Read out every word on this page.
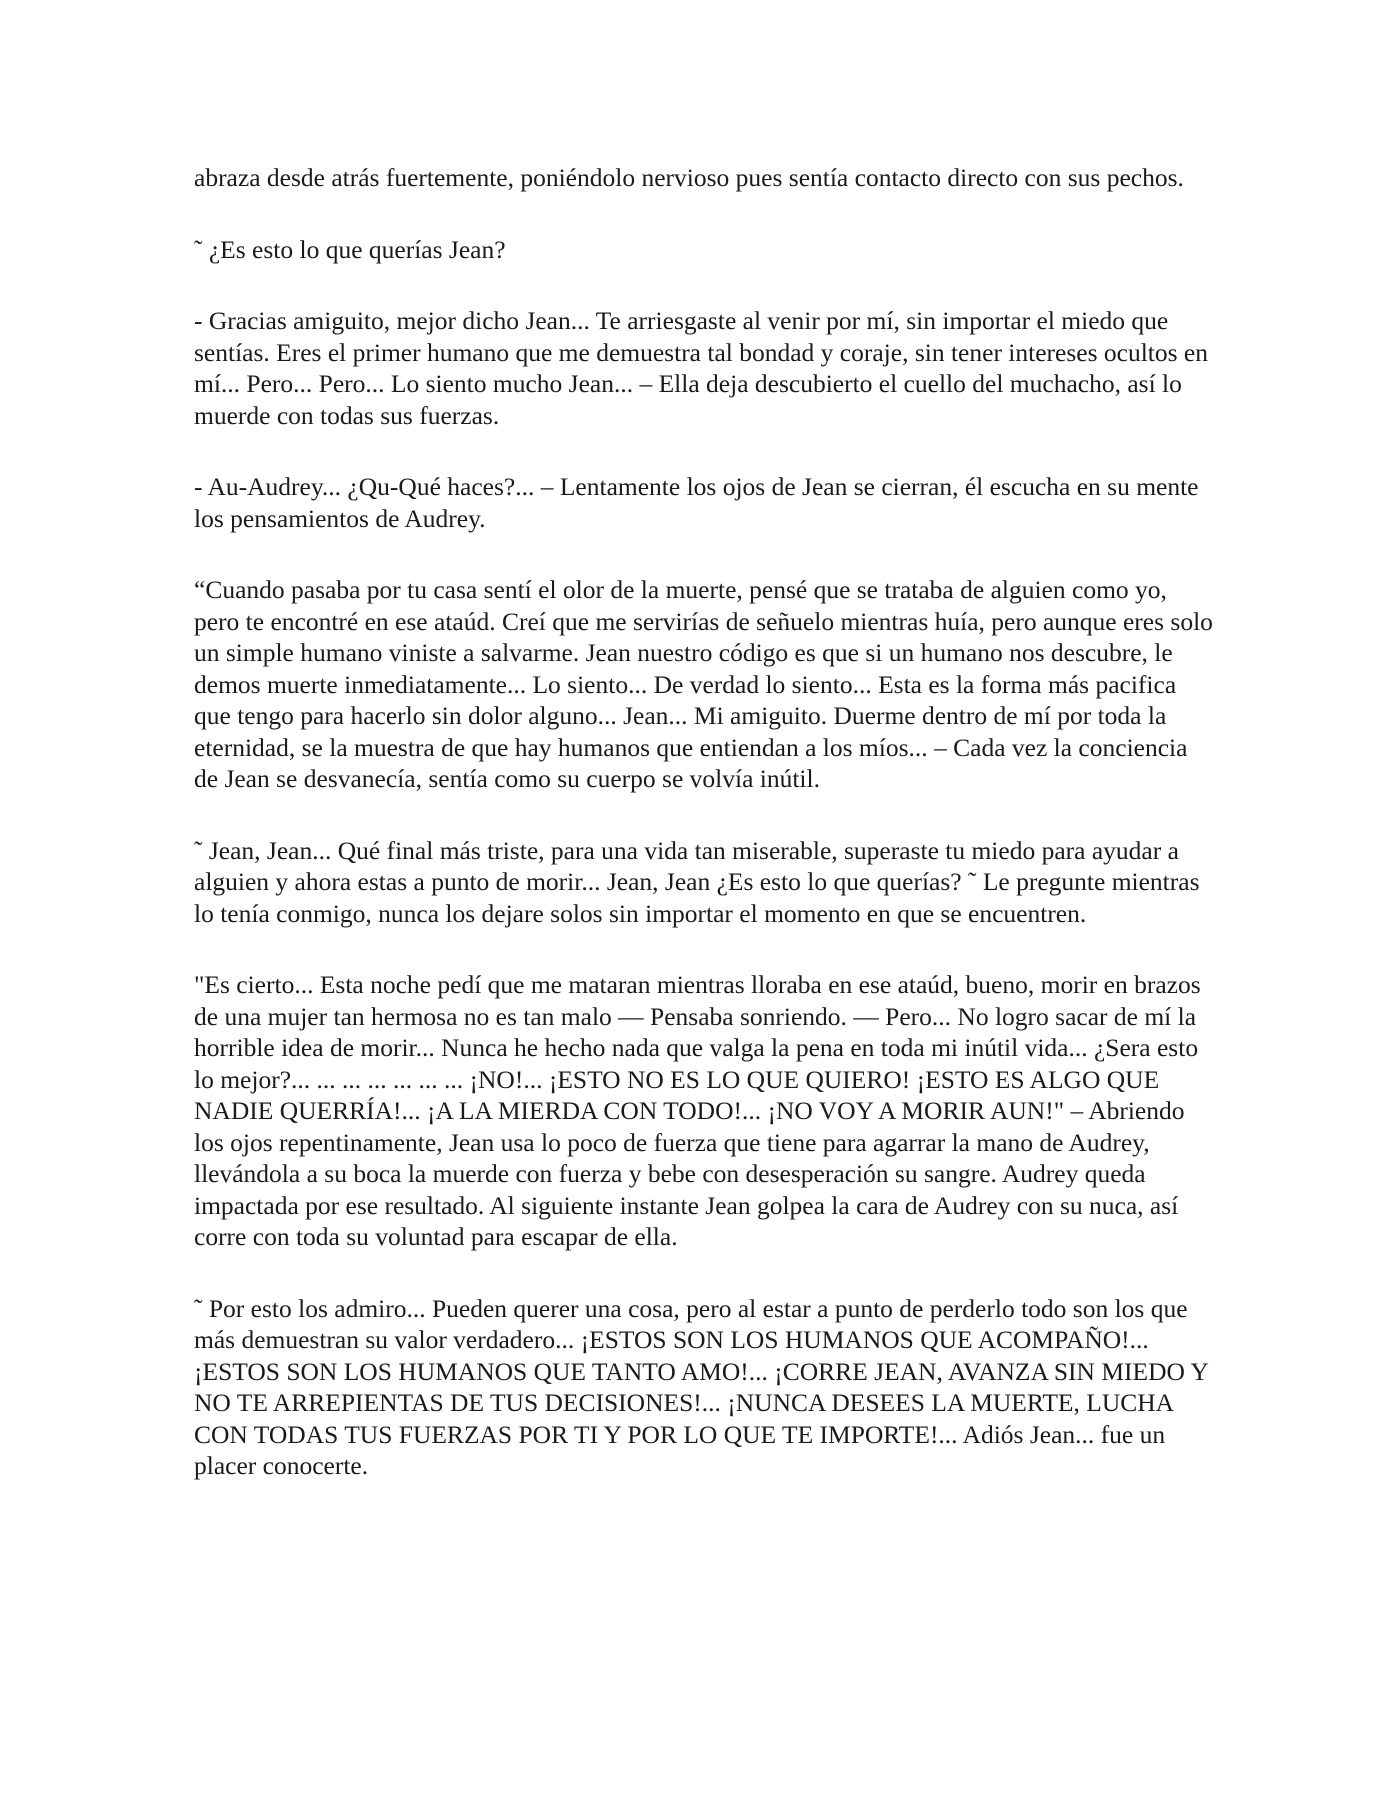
abraza desde atrás fuertemente, poniéndolo nervioso pues sentía contacto directo con sus pechos.

˜ ¿Es esto lo que querías Jean?

- Gracias amiguito, mejor dicho Jean... Te arriesgaste al venir por mí, sin importar el miedo que sentías. Eres el primer humano que me demuestra tal bondad y coraje, sin tener intereses ocultos en mí... Pero... Pero... Lo siento mucho Jean... – Ella deja descubierto el cuello del muchacho, así lo muerde con todas sus fuerzas.

- Au-Audrey... ¿Qu-Qué haces?... – Lentamente los ojos de Jean se cierran, él escucha en su mente los pensamientos de Audrey.

“Cuando pasaba por tu casa sentí el olor de la muerte, pensé que se trataba de alguien como yo, pero te encontré en ese ataúd. Creí que me servirías de señuelo mientras huía, pero aunque eres solo un simple humano viniste a salvarme. Jean nuestro código es que si un humano nos descubre, le demos muerte inmediatamente... Lo siento... De verdad lo siento... Esta es la forma más pacifica que tengo para hacerlo sin dolor alguno... Jean... Mi amiguito. Duerme dentro de mí por toda la eternidad, se la muestra de que hay humanos que entiendan a los míos... – Cada vez la conciencia de Jean se desvanecía, sentía como su cuerpo se volvía inútil.

˜ Jean, Jean... Qué final más triste, para una vida tan miserable, superaste tu miedo para ayudar a alguien y ahora estas a punto de morir... Jean, Jean ¿Es esto lo que querías? ˜ Le pregunte mientras lo tenía conmigo, nunca los dejare solos sin importar el momento en que se encuentren.

"Es cierto... Esta noche pedí que me mataran mientras lloraba en ese ataúd, bueno, morir en brazos de una mujer tan hermosa no es tan malo — Pensaba sonriendo. — Pero... No logro sacar de mí la horrible idea de morir... Nunca he hecho nada que valga la pena en toda mi inútil vida... ¿Sera esto lo mejor?... ... ... ... ... ... ... ¡NO!... ¡ESTO NO ES LO QUE QUIERO! ¡ESTO ES ALGO QUE NADIE QUERRÍA!... ¡A LA MIERDA CON TODO!... ¡NO VOY A MORIR AUN!" – Abriendo los ojos repentinamente, Jean usa lo poco de fuerza que tiene para agarrar la mano de Audrey, llevándola a su boca la muerde con fuerza y bebe con desesperación su sangre. Audrey queda impactada por ese resultado. Al siguiente instante Jean golpea la cara de Audrey con su nuca, así corre con toda su voluntad para escapar de ella.

˜ Por esto los admiro... Pueden querer una cosa, pero al estar a punto de perderlo todo son los que más demuestran su valor verdadero... ¡ESTOS SON LOS HUMANOS QUE ACOMPAÑO!... ¡ESTOS SON LOS HUMANOS QUE TANTO AMO!... ¡CORRE JEAN, AVANZA SIN MIEDO Y NO TE ARREPIENTAS DE TUS DECISIONES!... ¡NUNCA DESEES LA MUERTE, LUCHA CON TODAS TUS FUERZAS POR TI Y POR LO QUE TE IMPORTE!... Adiós Jean... fue un placer conocerte.
